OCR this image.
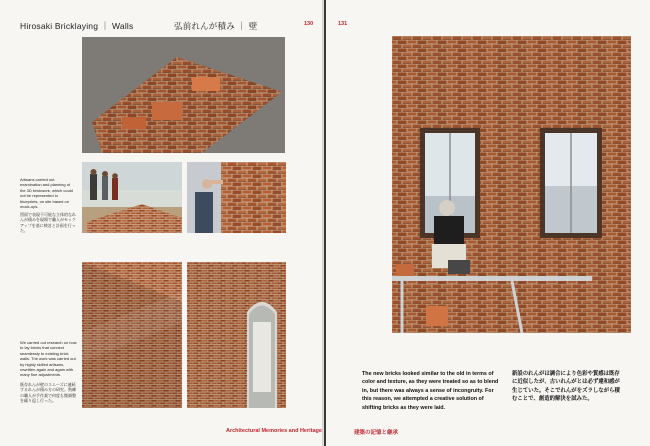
Hirosaki Bricklaying ｜ Walls	弘前れんが積み ｜ 壁	130
Artisans carried out examination and planning of the 3D brickwork, which could not be represented in blueprints, on site based on mock-ups.
図面で表現不可能な立体的なれんが積みを現場で職人がモックアップを基に検討と計画を行った。
We carried out research on how to lay bricks that connect seamlessly to existing brick walls. The work was carried out by highly skilled artisans, rewritten again and again with many fine adjustments.
既存れんが壁のスムーズに連続するれんが積み方の研究。熟練の職人が手作業で何度も微調整を繰り返し行った。
Architectural Memories and Heritage
131
The new bricks looked similar to the old in terms of color and texture, as they were treated so as to blend in, but there was always a sense of incongruity. For this reason, we attempted a creative solution of shifting bricks as they were laid.
新設のれんがは調合により色彩や質感は既存に近似したが、古いれんがとは必ず違和感が生じていた。そこでれんがをズラしながら積むことで、創造的解決を試みた。
建築の記憶と継承
